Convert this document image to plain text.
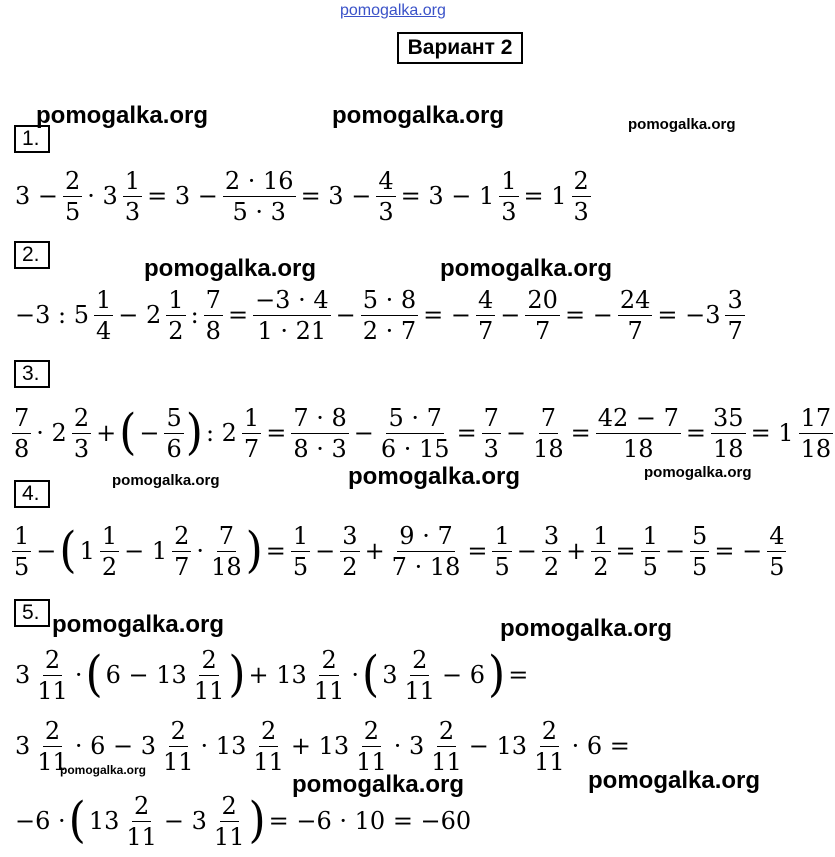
pomogalka.org
pomogalka.org	pomogalka.org	pomogalka.org
pomogalka.org	pomogalka.org
pomogalka.org	pomogalka.org	pomogalka.org
pomogalka.org	pomogalka.org
pomogalka.org
pomogalka.org	pomogalka.org
Вариант 2
1.
2.
3.
4.
5.
$3 - \frac{2}{5} \cdot 3 \frac{1}{3} = 3 - \frac{2 \cdot 16}{5 \cdot 3} = 3 - \frac{4}{3} = 3 - 1 \frac{1}{3} = 1 \frac{2}{3}$
−3 : $5 \frac{1}{4} - 2 \frac{1}{2}$ : $\frac{7}{8} = \frac{-3 \cdot 4}{1 \cdot 21} - \frac{5 \cdot 8}{2 \cdot 7}$ = − $\frac{4}{7} - \frac{20}{7}$ = − $\frac{24}{7} = -3 \frac{3}{7}$
$\frac{7}{8} \cdot 2 \frac{2}{3}$ + ( − $\frac{5}{6}$ ) : $2 \frac{1}{7} = \frac{7 \cdot 8}{8 \cdot 3} - \frac{5 \cdot 7}{6 \cdot 15} = \frac{7}{3} - \frac{7}{18} = \frac{42 - 7}{18} = \frac{35}{18} = 1 \frac{17}{18}$
$\frac{1}{5}$ − ( $1 \frac{1}{2} - 1 \frac{2}{7} \cdot \frac{7}{18}$ ) = $\frac{1}{5} - \frac{3}{2} + \frac{9 \cdot 7}{7 \cdot 18} = \frac{1}{5} - \frac{3}{2} + \frac{1}{2} = \frac{1}{5} - \frac{5}{5}$ = − $\frac{4}{5}$
$3 \frac{2}{11}$ · ( $6 - 13 \frac{2}{11}$ ) + $13 \frac{2}{11}$ · ( $3 \frac{2}{11} - 6$ ) =
$3 \frac{2}{11} \cdot 6 - 3 \frac{2}{11} \cdot 13 \frac{2}{11} + 13 \frac{2}{11} \cdot 3 \frac{2}{11} - 13 \frac{2}{11} \cdot 6$ =
−6 · ( $13 \frac{2}{11} - 3 \frac{2}{11}$ ) = −6 · 10 = −60
